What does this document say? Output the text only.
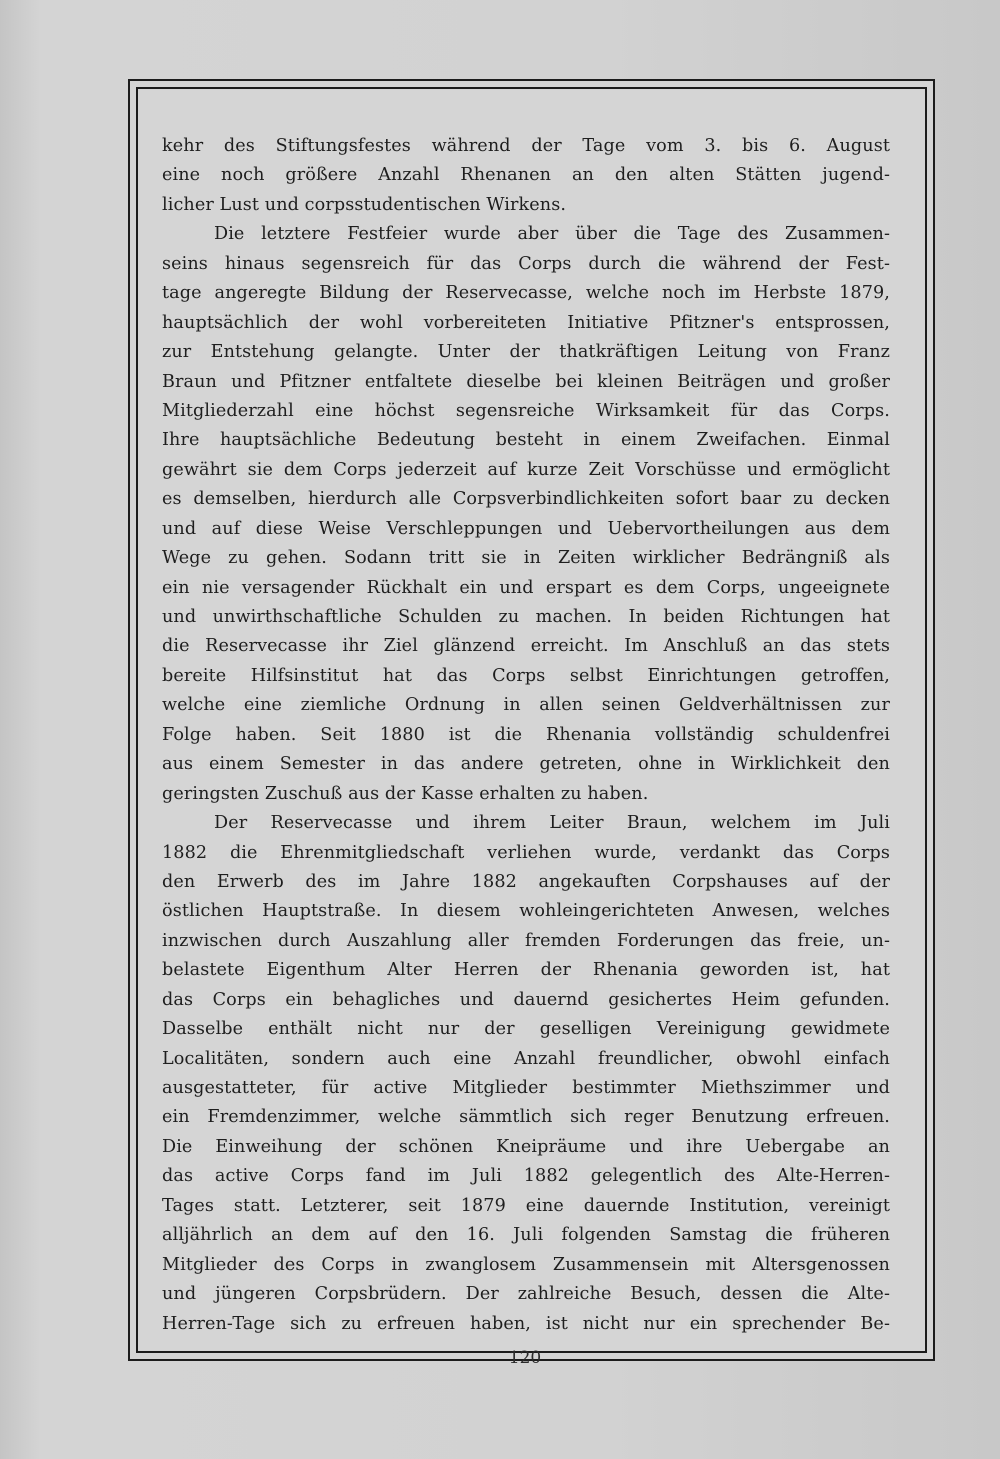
kehr des Stiftungsfestes während der Tage vom 3. bis 6. August
eine noch größere Anzahl Rhenanen an den alten Stätten jugend-
licher Lust und corpsstudentischen Wirkens.
Die letztere Festfeier wurde aber über die Tage des Zusammen-
seins hinaus segensreich für das Corps durch die während der Fest-
tage angeregte Bildung der Reservecasse, welche noch im Herbste 1879,
hauptsächlich der wohl vorbereiteten Initiative Pfitzner's entsprossen,
zur Entstehung gelangte. Unter der thatkräftigen Leitung von Franz
Braun und Pfitzner entfaltete dieselbe bei kleinen Beiträgen und großer
Mitgliederzahl eine höchst segensreiche Wirksamkeit für das Corps.
Ihre hauptsächliche Bedeutung besteht in einem Zweifachen. Einmal
gewährt sie dem Corps jederzeit auf kurze Zeit Vorschüsse und ermöglicht
es demselben, hierdurch alle Corpsverbindlichkeiten sofort baar zu decken
und auf diese Weise Verschleppungen und Uebervortheilungen aus dem
Wege zu gehen. Sodann tritt sie in Zeiten wirklicher Bedrängniß als
ein nie versagender Rückhalt ein und erspart es dem Corps, ungeeignete
und unwirthschaftliche Schulden zu machen. In beiden Richtungen hat
die Reservecasse ihr Ziel glänzend erreicht. Im Anschluß an das stets
bereite Hilfsinstitut hat das Corps selbst Einrichtungen getroffen,
welche eine ziemliche Ordnung in allen seinen Geldverhältnissen zur
Folge haben. Seit 1880 ist die Rhenania vollständig schuldenfrei
aus einem Semester in das andere getreten, ohne in Wirklichkeit den
geringsten Zuschuß aus der Kasse erhalten zu haben.
Der Reservecasse und ihrem Leiter Braun, welchem im Juli
1882 die Ehrenmitgliedschaft verliehen wurde, verdankt das Corps
den Erwerb des im Jahre 1882 angekauften Corpshauses auf der
östlichen Hauptstraße. In diesem wohleingerichteten Anwesen, welches
inzwischen durch Auszahlung aller fremden Forderungen das freie, un-
belastete Eigenthum Alter Herren der Rhenania geworden ist, hat
das Corps ein behagliches und dauernd gesichertes Heim gefunden.
Dasselbe enthält nicht nur der geselligen Vereinigung gewidmete
Localitäten, sondern auch eine Anzahl freundlicher, obwohl einfach
ausgestatteter, für active Mitglieder bestimmter Miethszimmer und
ein Fremdenzimmer, welche sämmtlich sich reger Benutzung erfreuen.
Die Einweihung der schönen Kneipräume und ihre Uebergabe an
das active Corps fand im Juli 1882 gelegentlich des Alte-Herren-
Tages statt. Letzterer, seit 1879 eine dauernde Institution, vereinigt
alljährlich an dem auf den 16. Juli folgenden Samstag die früheren
Mitglieder des Corps in zwanglosem Zusammensein mit Altersgenossen
und jüngeren Corpsbrüdern. Der zahlreiche Besuch, dessen die Alte-
Herren-Tage sich zu erfreuen haben, ist nicht nur ein sprechender Be-
120
